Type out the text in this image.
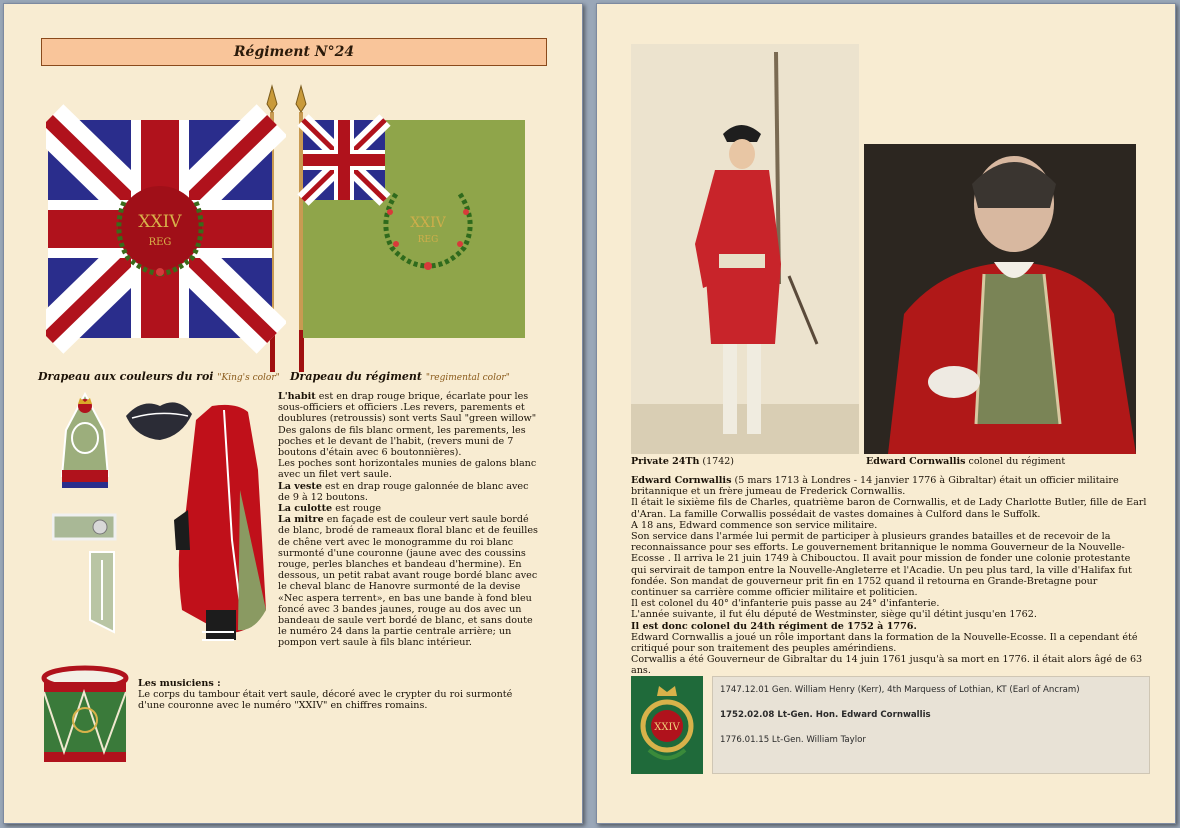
Régiment N°24
XXIV
REG
XXIV
REG
Drapeau aux couleurs du roi "King's color" Drapeau du régiment "regimental color"

L'habit est en drap rouge brique, écarlate pour les sous-officiers et officiers .Les revers, parements et doublures (retroussis) sont verts Saul "green willow"

Des galons de fils blanc orment, les parements, les poches et le devant de l'habit, (revers muni de 7 boutons d'étain avec 6 boutonnières).

Les poches sont horizontales munies de galons blanc avec un filet vert saule.

La veste est en drap rouge galonnée de blanc avec de 9 à 12 boutons.

La culotte est rouge

La mitre en façade est de couleur vert saule bordé de blanc, brodé de rameaux floral blanc et de feuilles de chêne vert avec le monogramme du roi blanc surmonté d'une couronne (jaune avec des coussins rouge, perles blanches et bandeau d'hermine). En dessous, un petit rabat avant rouge bordé blanc avec le cheval blanc de Hanovre surmonté de la devise «Nec aspera terrent», en bas une bande à fond bleu foncé avec 3 bandes jaunes, rouge au dos avec un bandeau de saule vert bordé de blanc, et sans doute le numéro 24 dans la partie centrale arrière; un pompon vert saule à fils blanc intérieur.

Les musiciens :

Le corps du tambour était vert saule, décoré avec le crypter du roi surmonté d'une couronne avec le numéro "XXIV" en chiffres romains.

Private 24Th (1742)	Edward Cornwallis colonel du régiment

Edward Cornwallis (5 mars 1713 à Londres - 14 janvier 1776 à Gibraltar) était un officier militaire britannique et un frère jumeau de Frederick Cornwallis.

Il était le sixième fils de Charles, quatrième baron de Cornwallis, et de Lady Charlotte Butler, fille de Earl d'Aran. La famille Corwallis possédait de vastes domaines à Culford dans le Suffolk.

A 18 ans, Edward commence son service militaire.

Son service dans l'armée lui permit de participer à plusieurs grandes batailles et de recevoir de la reconnaissance pour ses efforts. Le gouvernement britannique le nomma Gouverneur de la Nouvelle-Ecosse . Il arriva le 21 juin 1749 à Chibouctou. Il avait pour mission de fonder une colonie protestante qui servirait de tampon entre la Nouvelle-Angleterre et l'Acadie. Un peu plus tard, la ville d'Halifax fut fondée. Son mandat de gouverneur prit fin en 1752 quand il retourna en Grande-Bretagne pour continuer sa carrière comme officier militaire et politicien.

Il est colonel du 40° d'infanterie puis passe au 24° d'infanterie.

L'année suivante, il fut élu député de Westminster, siège qu'il détint jusqu'en 1762.

Il est donc colonel du 24th régiment de 1752 à 1776.

Edward Cornwallis a joué un rôle important dans la formation de la Nouvelle-Ecosse. Il a cependant été critiqué pour son traitement des peuples amérindiens.

Corwallis a été Gouverneur de Gibraltar du 14 juin 1761 jusqu'à sa mort en 1776. il était alors âgé de 63 ans.

XXIV
1747.12.01 Gen. William Henry (Kerr), 4th Marquess of Lothian, KT (Earl of Ancram)
1752.02.08 Lt-Gen. Hon. Edward Cornwallis
1776.01.15 Lt-Gen. William Taylor
